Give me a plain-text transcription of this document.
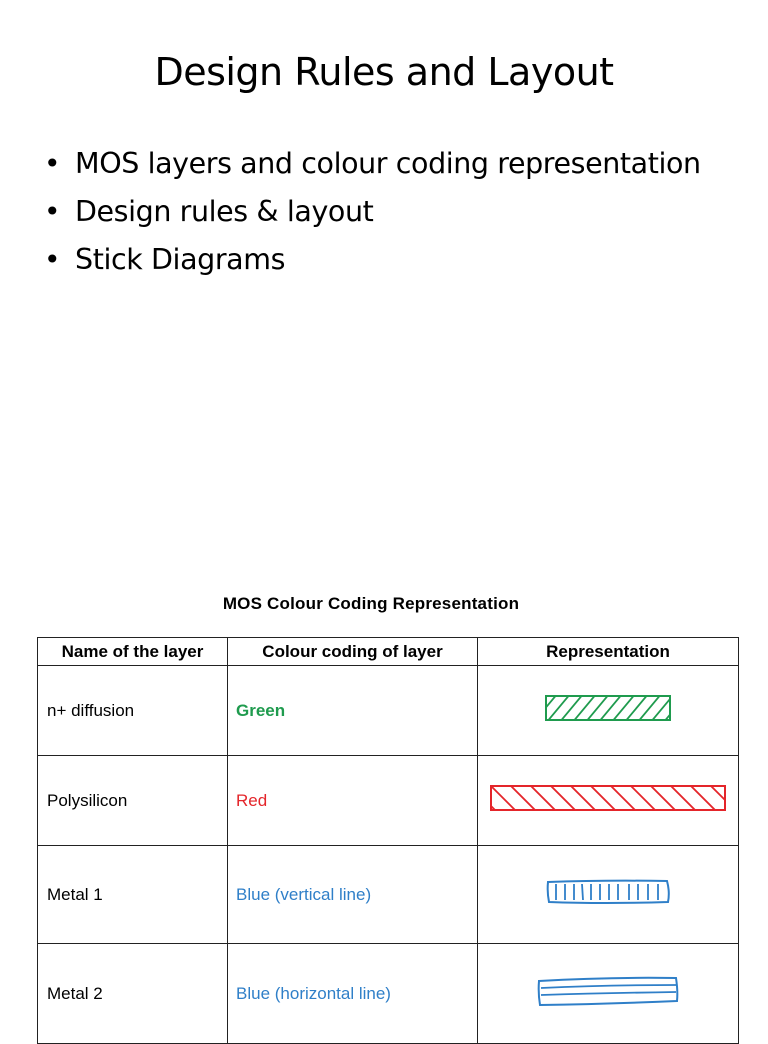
Design Rules and Layout
• MOS layers and colour coding representation
• Design rules & layout
• Stick Diagrams
MOS Colour Coding Representation
Name of the layer	Colour coding of layer	Representation
n+ diffusion	Green	
Polysilicon	Red	
Metal 1	Blue (vertical line)	
Metal 2	Blue (horizontal line)	
